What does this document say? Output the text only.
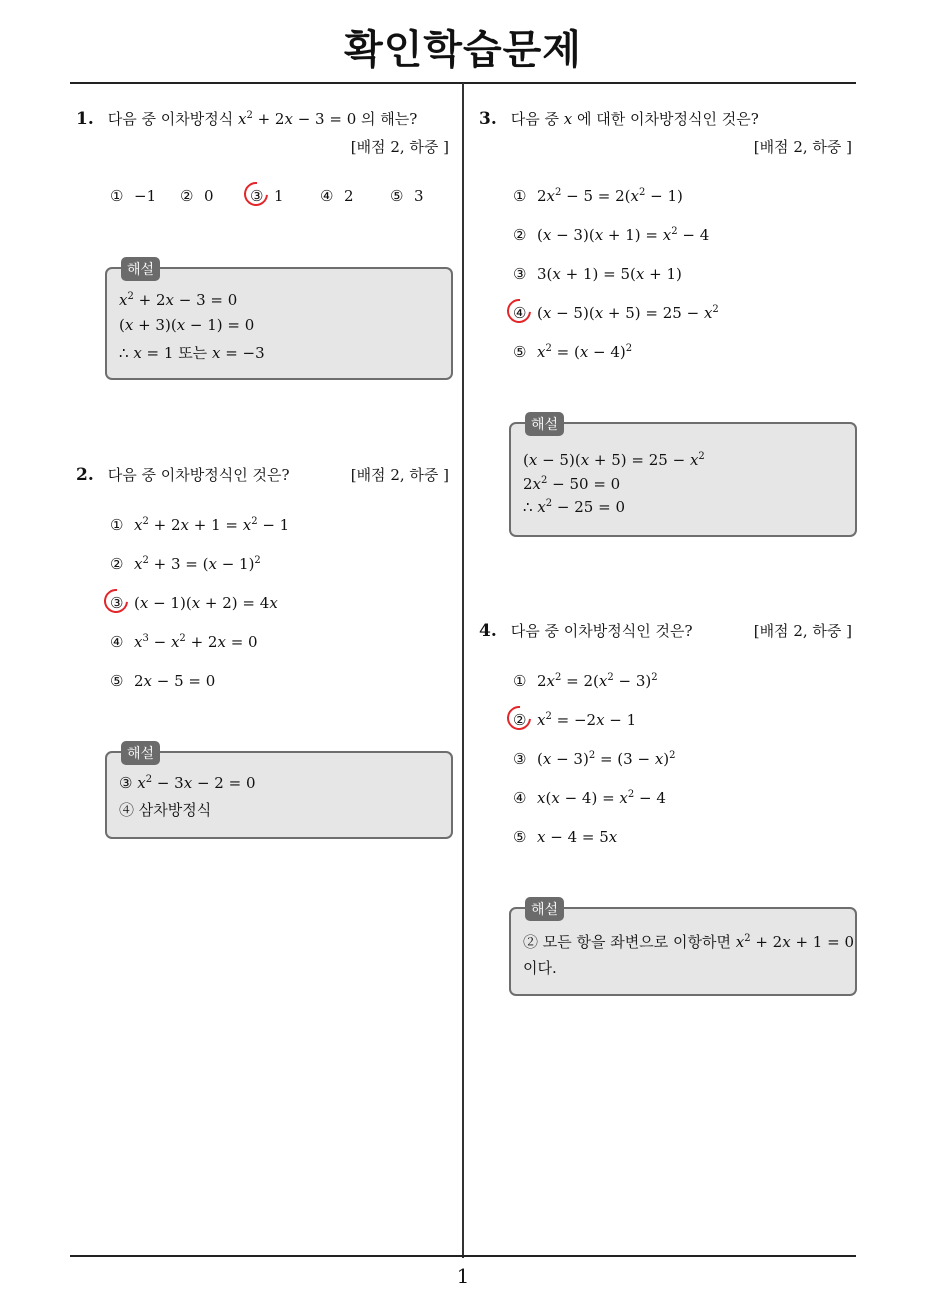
확인학습문제
1. 다음 중 이차방정식 $x^2 + 2x - 3 = 0$ 의 해는?
[배점 2, 하중 ]
① −1 ② 0 ③ 1 ④ 2 ⑤ 3
해설
$x^2 + 2x - 3 = 0$
(x + 3)(x − 1) = 0
∴ x = 1 또는 x = −3
2. 다음 중 이차방정식인 것은?	[배점 2, 하중 ]
① $x^2 + 2x + 1 = x^2 - 1$
② $x^2 + 3 = (x - 1)^2$
③ (x − 1)(x + 2) = 4x
④ $x^3 - x^2 + 2x = 0$
⑤ 2x − 5 = 0
해설
③ $x^2 - 3x - 2 = 0$
④ 삼차방정식
3. 다음 중 x 에 대한 이차방정식인 것은?
[배점 2, 하중 ]
① $2x^2 - 5 = 2(x^2 - 1)$
② $(x - 3)(x + 1) = x^2 - 4$
③ 3(x + 1) = 5(x + 1)
④ $(x - 5)(x + 5) = 25 - x^2$
⑤ $x^2 = (x - 4)^2$
해설
$(x - 5)(x + 5) = 25 - x^2$
$2x^2 - 50 = 0$
∴ $x^2 - 25 = 0$
4. 다음 중 이차방정식인 것은?	[배점 2, 하중 ]
① $2x^2 = 2(x^2 - 3)^2$
② $x^2 = -2x - 1$
③ $(x - 3)^2 = (3 - x)^2$
④ $x(x - 4) = x^2 - 4$
⑤ x − 4 = 5x
해설
② 모든 항을 좌변으로 이항하면 $x^2 + 2x + 1 = 0$
이다.
1
